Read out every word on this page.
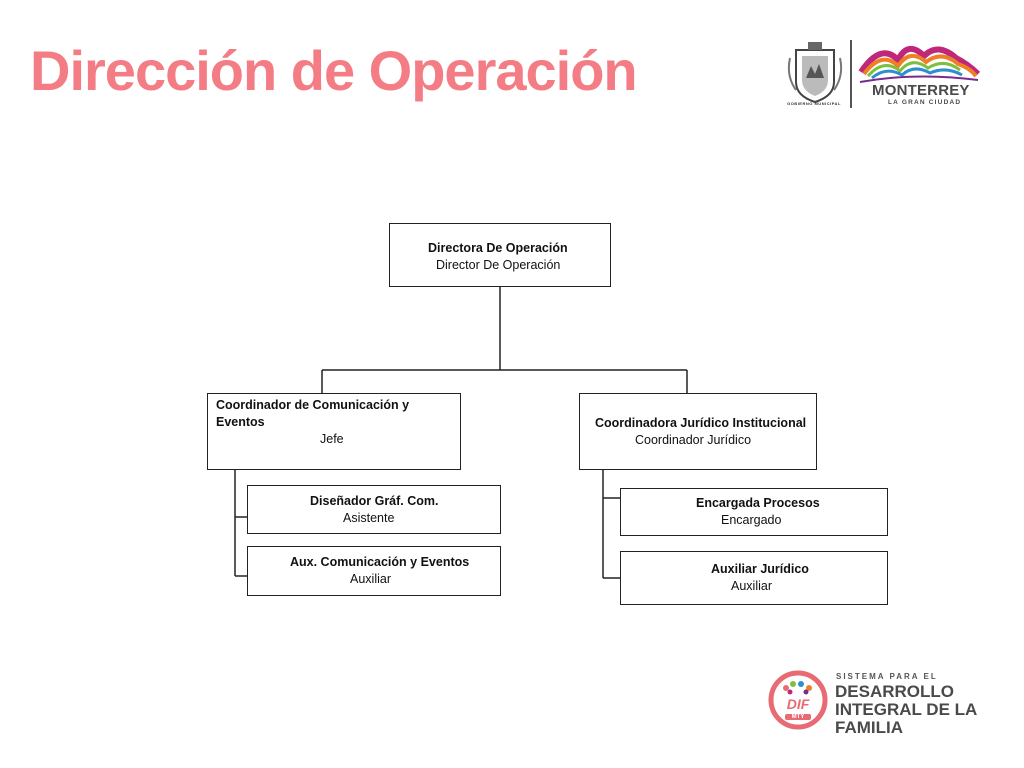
Dirección de Operación
GOBIERNO MUNICIPAL
MONTERREY
LA GRAN CIUDAD
Directora De Operación
Director De Operación
Coordinador de Comunicación y Eventos
Jefe
Coordinadora Jurídico Institucional
Coordinador Jurídico
Diseñador Gráf. Com.
Asistente
Aux. Comunicación y Eventos
Auxiliar
Encargada Procesos
Encargado
Auxiliar Jurídico
Auxiliar
DIF
MTY
SISTEMA PARA EL
DESARROLLO
INTEGRAL DE LA
FAMILIA
